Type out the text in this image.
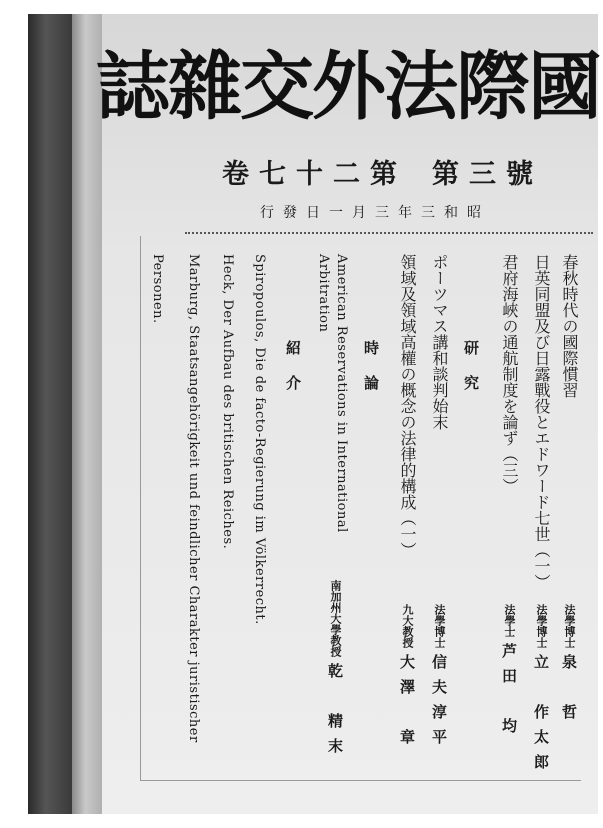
國際法外交雜誌
第三號第二十七卷
昭和三年三月一日發行
春秋時代の國際慣習
法學博士泉　哲
日英同盟及び日露戰役とエドワード七世（一）
法學博士立　作太郎
君府海峽の通航制度を論ず（三）
法學士芦田　均
研究
ポーツマス講和談判始末
法學博士信夫淳平
領域及領域高權の概念の法律的構成（一）
九大教授大澤　章
時論
American Reservations in International
Arbitration
南加州大學教授乾　精末
紹介
Spiropoulos, Die de facto-Regierung im Völkerrecht.
Heck, Der Aufbau des britischen Reiches.
Marburg, Staatsangehörigkeit und feindlicher Charakter juristischer
Personen.
